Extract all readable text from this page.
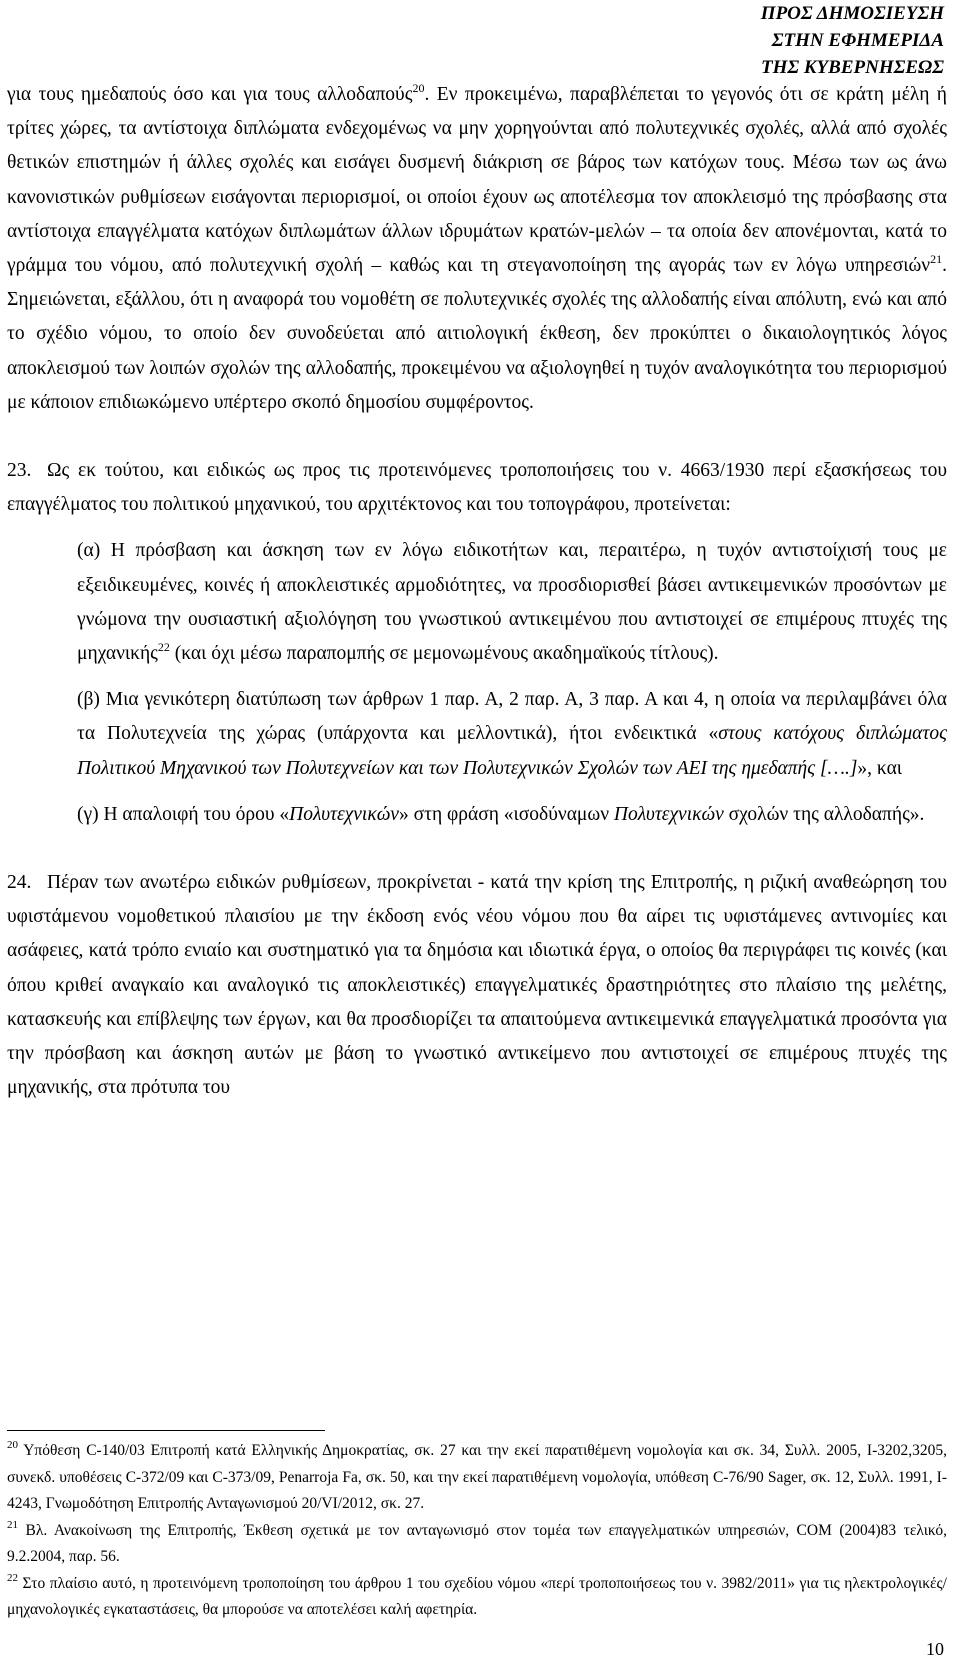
ΠΡΟΣ ΔΗΜΟΣΙΕΥΣΗ
ΣΤΗΝ ΕΦΗΜΕΡΙΔΑ
ΤΗΣ ΚΥΒΕΡΝΗΣΕΩΣ

για τους ημεδαπούς όσο και για τους αλλοδαπούς$^{20}$. Εν προκειμένω, παραβλέπεται το γεγονός ότι σε κράτη μέλη ή τρίτες χώρες, τα αντίστοιχα διπλώματα ενδεχομένως να μην χορηγούνται από πολυτεχνικές σχολές, αλλά από σχολές θετικών επιστημών ή άλλες σχολές και εισάγει δυσμενή διάκριση σε βάρος των κατόχων τους. Μέσω των ως άνω κανονιστικών ρυθμίσεων εισάγονται περιορισμοί, οι οποίοι έχουν ως αποτέλεσμα τον αποκλεισμό της πρόσβασης στα αντίστοιχα επαγγέλματα κατόχων διπλωμάτων άλλων ιδρυμάτων κρατών-μελών – τα οποία δεν απονέμονται, κατά το γράμμα του νόμου, από πολυτεχνική σχολή – καθώς και τη στεγανοποίηση της αγοράς των εν λόγω υπηρεσιών$^{21}$. Σημειώνεται, εξάλλου, ότι η αναφορά του νομοθέτη σε πολυτεχνικές σχολές της αλλοδαπής είναι απόλυτη, ενώ και από το σχέδιο νόμου, το οποίο δεν συνοδεύεται από αιτιολογική έκθεση, δεν προκύπτει ο δικαιολογητικός λόγος αποκλεισμού των λοιπών σχολών της αλλοδαπής, προκειμένου να αξιολογηθεί η τυχόν αναλογικότητα του περιορισμού με κάποιον επιδιωκώμενο υπέρτερο σκοπό δημοσίου συμφέροντος.

23. Ως εκ τούτου, και ειδικώς ως προς τις προτεινόμενες τροποποιήσεις του ν. 4663/1930 περί εξασκήσεως του επαγγέλματος του πολιτικού μηχανικού, του αρχιτέκτονος και του τοπογράφου, προτείνεται:

(α) Η πρόσβαση και άσκηση των εν λόγω ειδικοτήτων και, περαιτέρω, η τυχόν αντιστοίχισή τους με εξειδικευμένες, κοινές ή αποκλειστικές αρμοδιότητες, να προσδιορισθεί βάσει αντικειμενικών προσόντων με γνώμονα την ουσιαστική αξιολόγηση του γνωστικού αντικειμένου που αντιστοιχεί σε επιμέρους πτυχές της μηχανικής$^{22}$ (και όχι μέσω παραπομπής σε μεμονωμένους ακαδημαϊκούς τίτλους).

(β) Μια γενικότερη διατύπωση των άρθρων 1 παρ. Α, 2 παρ. Α, 3 παρ. Α και 4, η οποία να περιλαμβάνει όλα τα Πολυτεχνεία της χώρας (υπάρχοντα και μελλοντικά), ήτοι ενδεικτικά «στους κατόχους διπλώματος Πολιτικού Μηχανικού των Πολυτεχνείων και των Πολυτεχνικών Σχολών των ΑΕΙ της ημεδαπής [….]», και

(γ) Η απαλοιφή του όρου «Πολυτεχνικών» στη φράση «ισοδύναμων Πολυτεχνικών σχολών της αλλοδαπής».

24. Πέραν των ανωτέρω ειδικών ρυθμίσεων, προκρίνεται - κατά την κρίση της Επιτροπής, η ριζική αναθεώρηση του υφιστάμενου νομοθετικού πλαισίου με την έκδοση ενός νέου νόμου που θα αίρει τις υφιστάμενες αντινομίες και ασάφειες, κατά τρόπο ενιαίο και συστηματικό για τα δημόσια και ιδιωτικά έργα, ο οποίος θα περιγράφει τις κοινές (και όπου κριθεί αναγκαίο και αναλογικό τις αποκλειστικές) επαγγελματικές δραστηριότητες στο πλαίσιο της μελέτης, κατασκευής και επίβλεψης των έργων, και θα προσδιορίζει τα απαιτούμενα αντικειμενικά επαγγελματικά προσόντα για την πρόσβαση και άσκηση αυτών με βάση το γνωστικό αντικείμενο που αντιστοιχεί σε επιμέρους πτυχές της μηχανικής, στα πρότυπα του

$^{20}$ Υπόθεση C-140/03 Επιτροπή κατά Ελληνικής Δημοκρατίας, σκ. 27 και την εκεί παρατιθέμενη νομολογία και σκ. 34, Συλλ. 2005, I-3202,3205, συνεκδ. υποθέσεις C-372/09 και C-373/09, Penarroja Fa, σκ. 50, και την εκεί παρατιθέμενη νομολογία, υπόθεση C-76/90 Sager, σκ. 12, Συλλ. 1991, I-4243, Γνωμοδότηση Επιτροπής Ανταγωνισμού 20/VI/2012, σκ. 27.

$^{21}$ Βλ. Ανακοίνωση της Επιτροπής, Έκθεση σχετικά με τον ανταγωνισμό στον τομέα των επαγγελματικών υπηρεσιών, COM (2004)83 τελικό, 9.2.2004, παρ. 56.

$^{22}$ Στο πλαίσιο αυτό, η προτεινόμενη τροποποίηση του άρθρου 1 του σχεδίου νόμου «περί τροποποιήσεως του ν. 3982/2011» για τις ηλεκτρολογικές/μηχανολογικές εγκαταστάσεις, θα μπορούσε να αποτελέσει καλή αφετηρία.

10
